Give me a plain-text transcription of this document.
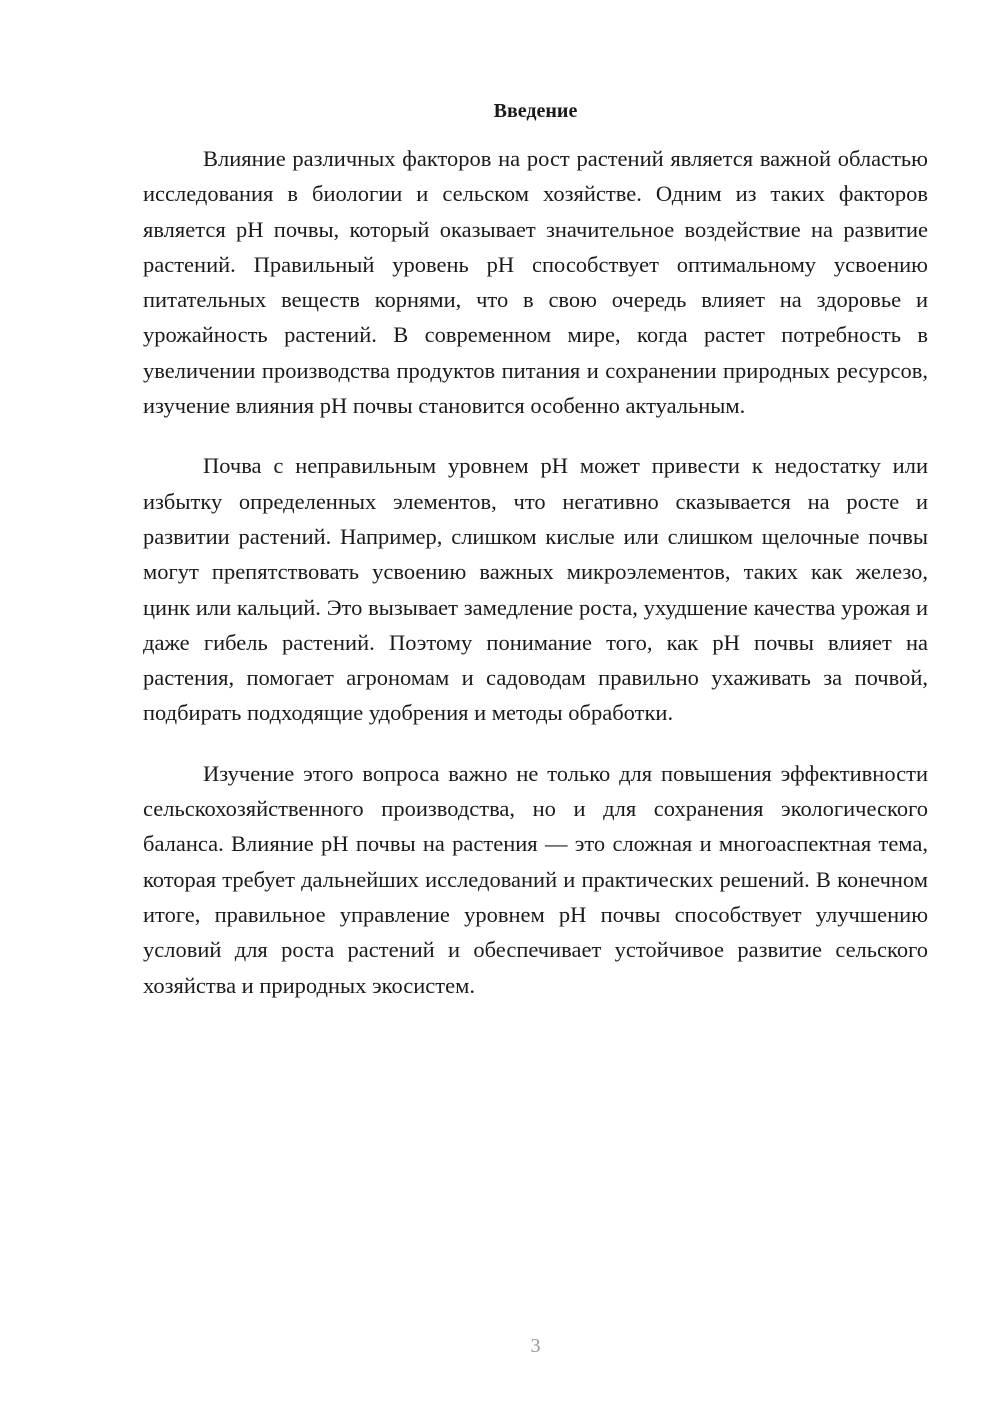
Введение

Влияние различных факторов на рост растений является важной областью исследования в биологии и сельском хозяйстве. Одним из таких факторов является pH почвы, который оказывает значительное воздействие на развитие растений. Правильный уровень pH способствует оптимальному усвоению питательных веществ корнями, что в свою очередь влияет на здоровье и урожайность растений. В современном мире, когда растет потребность в увеличении производства продуктов питания и сохранении природных ресурсов, изучение влияния pH почвы становится особенно актуальным.

Почва с неправильным уровнем pH может привести к недостатку или избытку определенных элементов, что негативно сказывается на росте и развитии растений. Например, слишком кислые или слишком щелочные почвы могут препятствовать усвоению важных микроэлементов, таких как железо, цинк или кальций. Это вызывает замедление роста, ухудшение качества урожая и даже гибель растений. Поэтому понимание того, как pH почвы влияет на растения, помогает агрономам и садоводам правильно ухаживать за почвой, подбирать подходящие удобрения и методы обработки.

Изучение этого вопроса важно не только для повышения эффективности сельскохозяйственного производства, но и для сохранения экологического баланса. Влияние pH почвы на растения — это сложная и многоаспектная тема, которая требует дальнейших исследований и практических решений. В конечном итоге, правильное управление уровнем pH почвы способствует улучшению условий для роста растений и обеспечивает устойчивое развитие сельского хозяйства и природных экосистем.

3
